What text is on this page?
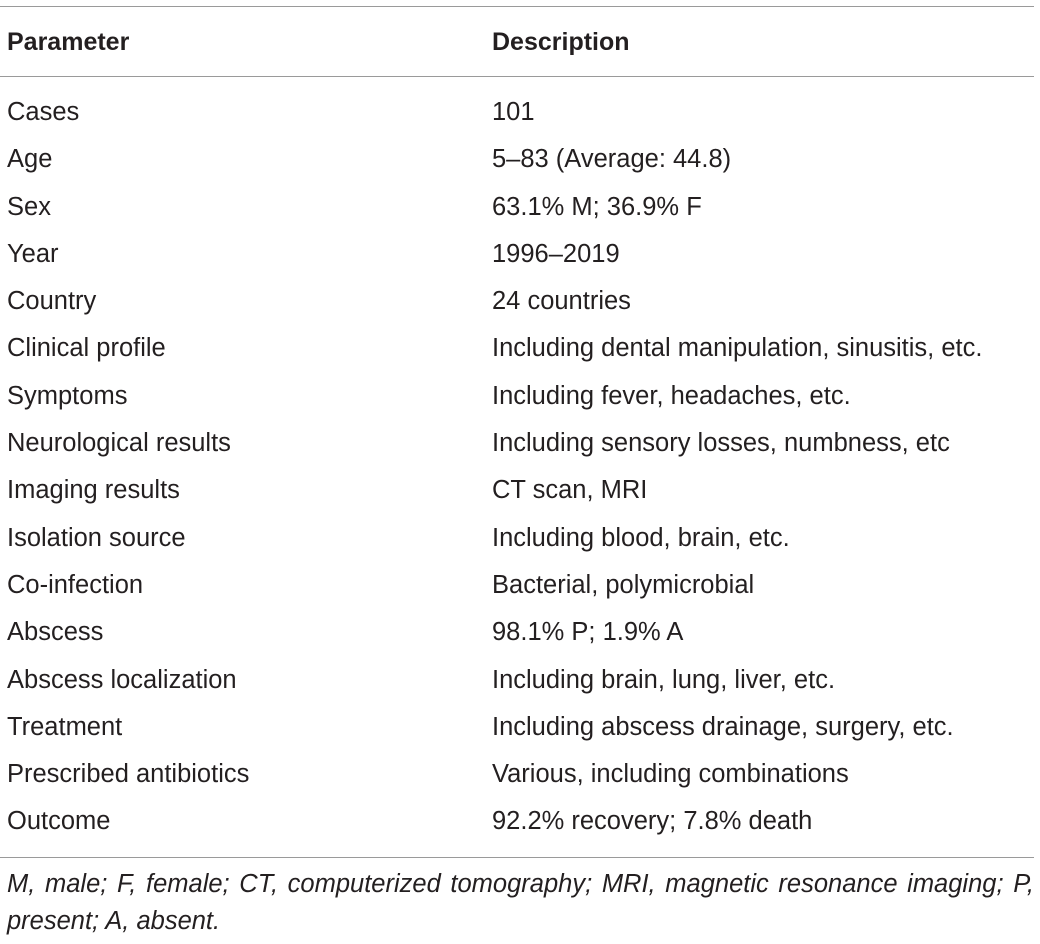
Parameter	Description
Cases	101
Age	5–83 (Average: 44.8)
Sex	63.1% M; 36.9% F
Year	1996–2019
Country	24 countries
Clinical profile	Including dental manipulation, sinusitis, etc.
Symptoms	Including fever, headaches, etc.
Neurological results	Including sensory losses, numbness, etc
Imaging results	CT scan, MRI
Isolation source	Including blood, brain, etc.
Co-infection	Bacterial, polymicrobial
Abscess	98.1% P; 1.9% A
Abscess localization	Including brain, lung, liver, etc.
Treatment	Including abscess drainage, surgery, etc.
Prescribed antibiotics	Various, including combinations
Outcome	92.2% recovery; 7.8% death
M, male; F, female; CT, computerized tomography; MRI, magnetic resonance imaging; P, present; A, absent.
